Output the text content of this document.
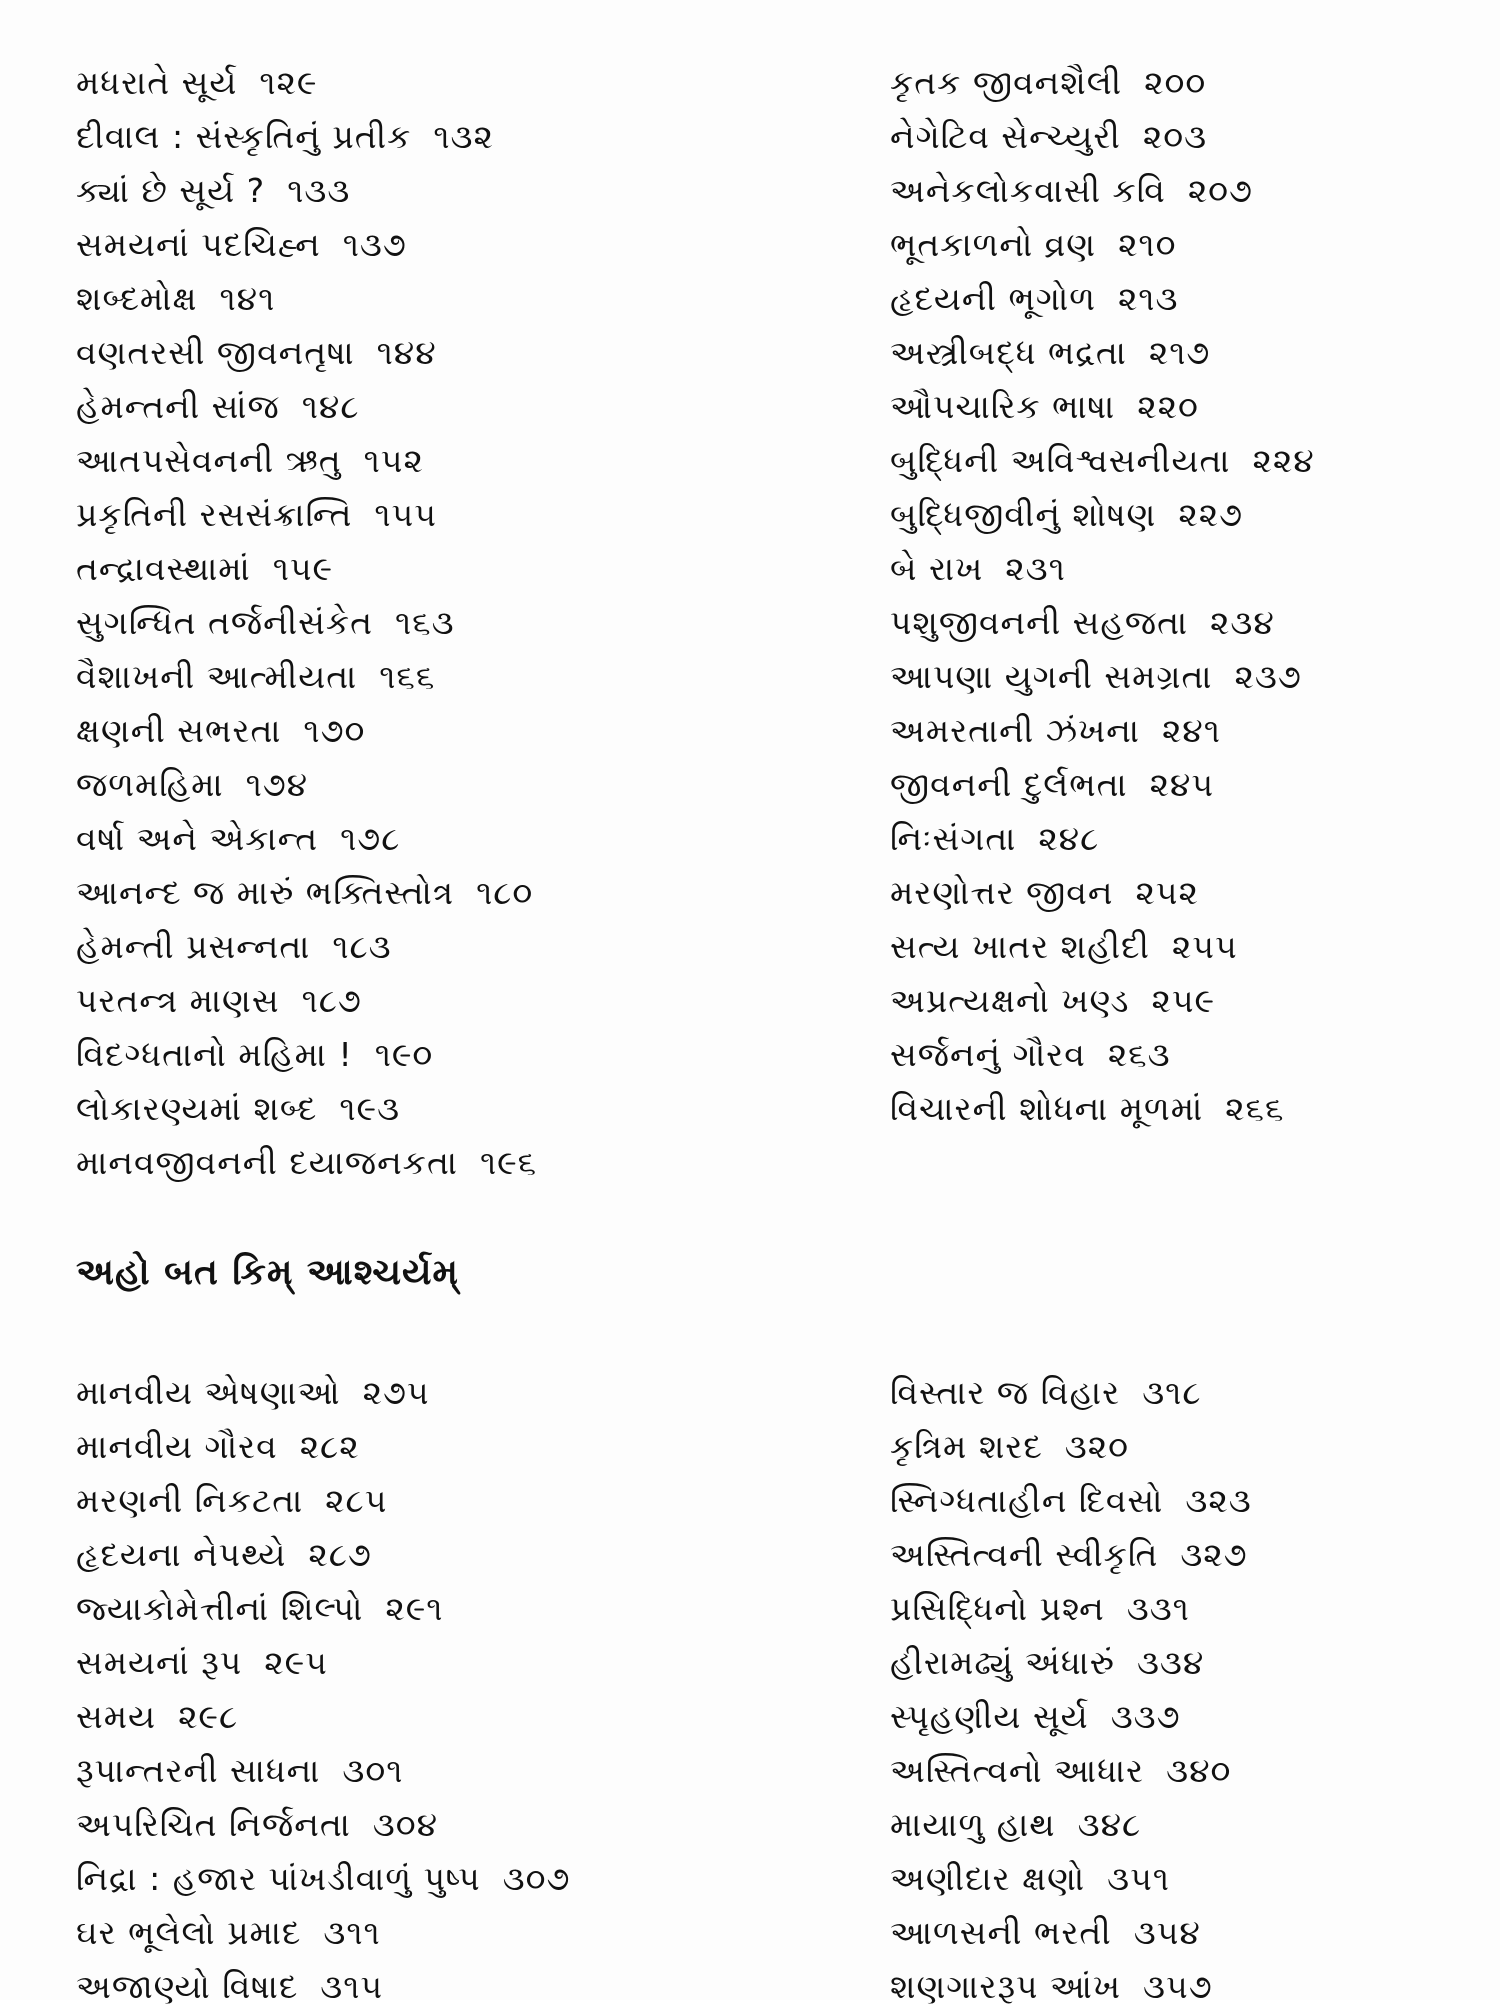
મધરાતે સૂર્ય ૧૨૯
દીવાલ : સંસ્કૃતિનું પ્રતીક ૧૩૨
ક્યાં છે સૂર્ય ? ૧૩૩
સમયનાં પદચિહ્ન ૧૩૭
શબ્દમોક્ષ ૧૪૧
વણતરસી જીવનતૃષા ૧૪૪
હેમન્તની સાંજ ૧૪૮
આતપસેવનની ઋતુ ૧૫૨
પ્રકૃતિની રસસંક્રાન્તિ ૧૫૫
તન્દ્રાવસ્થામાં ૧૫૯
સુગન્ધિત તર્જનીસંકેત ૧૬૩
વૈશાખની આત્મીયતા ૧૬૬
ક્ષણની સભરતા ૧૭૦
જળમહિમા ૧૭૪
વર્ષા અને એકાન્ત ૧૭૮
આનન્દ જ મારું ભક્તિસ્તોત્ર ૧૮૦
હેમન્તી પ્રસન્નતા ૧૮૩
પરતન્ત્ર માણસ ૧૮૭
વિદગ્ધતાનો મહિમા ! ૧૯૦
લોકારણ્યમાં શબ્દ ૧૯૩
માનવજીવનની દયાજનકતા ૧૯૬
કૃતક જીવનશૈલી ૨૦૦
નેગેટિવ સેન્ચ્યુરી ૨૦૩
અનેકલોકવાસી કવિ ૨૦૭
ભૂતકાળનો વ્રણ ૨૧૦
હૃદયની ભૂગોળ ૨૧૩
અસ્ત્રીબદ્ધ ભદ્રતા ૨૧૭
ઔપચારિક ભાષા ૨૨૦
બુદ્ધિની અવિશ્વસનીયતા ૨૨૪
બુદ્ધિજીવીનું શોષણ ૨૨૭
બે રાખ ૨૩૧
પશુજીવનની સહજતા ૨૩૪
આપણા યુગની સમગ્રતા ૨૩૭
અમરતાની ઝંખના ૨૪૧
જીવનની દુર્લભતા ૨૪૫
નિઃસંગતા ૨૪૮
મરણોત્તર જીવન ૨૫૨
સત્ય ખાતર શહીદી ૨૫૫
અપ્રત્યક્ષનો ખણ્ડ ૨૫૯
સર્જનનું ગૌરવ ૨૬૩
વિચારની શોધના મૂળમાં ૨૬૬
અહો બત કિમ્ આશ્ચર્યમ્
માનવીય એષણાઓ ૨૭૫
માનવીય ગૌરવ ૨૮૨
મરણની નિકટતા ૨૮૫
હૃદયના નેપથ્યે ૨૮૭
જ્યાકોમેત્તીનાં શિલ્પો ૨૯૧
સમયનાં રૂપ ૨૯૫
સમય ૨૯૮
રૂપાન્તરની સાધના ૩૦૧
અપરિચિત નિર્જનતા ૩૦૪
નિદ્રા : હજાર પાંખડીવાળું પુષ્પ ૩૦૭
ઘર ભૂલેલો પ્રમાદ ૩૧૧
અજાણ્યો વિષાદ ૩૧૫
વિસ્તાર જ વિહાર ૩૧૮
કૃત્રિમ શરદ ૩૨૦
સ્નિગ્ધતાહીન દિવસો ૩૨૩
અસ્તિત્વની સ્વીકૃતિ ૩૨૭
પ્રસિદ્ધિનો પ્રશ્ન ૩૩૧
હીરામઢ્યું અંધારું ૩૩૪
સ્પૃહણીય સૂર્ય ૩૩૭
અસ્તિત્વનો આધાર ૩૪૦
માયાળુ હાથ ૩૪૮
અણીદાર ક્ષણો ૩૫૧
આળસની ભરતી ૩૫૪
શણગારરૂપ આંખ ૩૫૭
